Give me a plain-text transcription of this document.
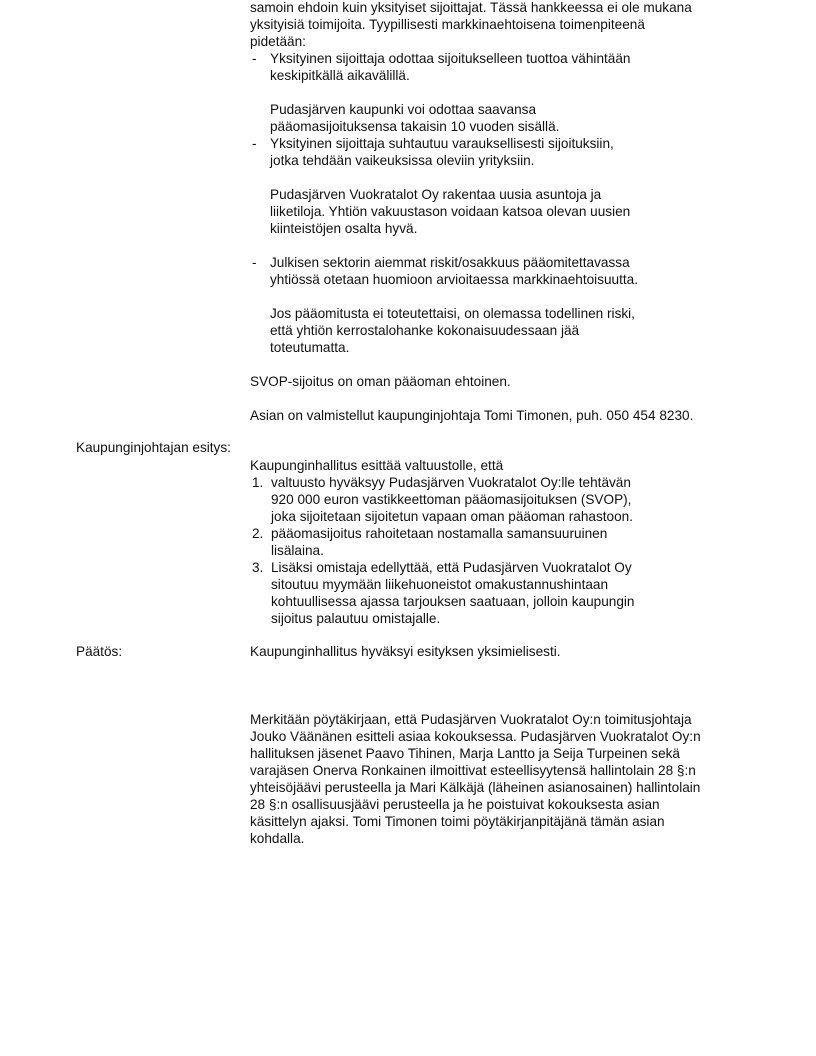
samoin ehdoin kuin yksityiset sijoittajat. Tässä hankkeessa ei ole mukana
yksityisiä toimijoita. Tyypillisesti markkinaehtoisena toimenpiteenä
pidetään:
- Yksityinen sijoittaja odottaa sijoitukselleen tuottoa vähintään
keskipitkällä aikavälillä.
Pudasjärven kaupunki voi odottaa saavansa
pääomasijoituksensa takaisin 10 vuoden sisällä.
- Yksityinen sijoittaja suhtautuu varauksellisesti sijoituksiin,
jotka tehdään vaikeuksissa oleviin yrityksiin.
Pudasjärven Vuokratalot Oy rakentaa uusia asuntoja ja
liiketiloja. Yhtiön vakuustason voidaan katsoa olevan uusien
kiinteistöjen osalta hyvä.
- Julkisen sektorin aiemmat riskit/osakkuus pääomitettavassa
yhtiössä otetaan huomioon arvioitaessa markkinaehtoisuutta.
Jos pääomitusta ei toteutettaisi, on olemassa todellinen riski,
että yhtiön kerrostalohanke kokonaisuudessaan jää
toteutumatta.
SVOP-sijoitus on oman pääoman ehtoinen.
Asian on valmistellut kaupunginjohtaja Tomi Timonen, puh. 050 454 8230.
Kaupunginjohtajan esitys:
Kaupunginhallitus esittää valtuustolle, että
1. valtuusto hyväksyy Pudasjärven Vuokratalot Oy:lle tehtävän
920 000 euron vastikkeettoman pääomasijoituksen (SVOP),
joka sijoitetaan sijoitetun vapaan oman pääoman rahastoon.
2. pääomasijoitus rahoitetaan nostamalla samansuuruinen
lisälaina.
3. Lisäksi omistaja edellyttää, että Pudasjärven Vuokratalot Oy
sitoutuu myymään liikehuoneistot omakustannushintaan
kohtuullisessa ajassa tarjouksen saatuaan, jolloin kaupungin
sijoitus palautuu omistajalle.
Päätös:	Kaupunginhallitus hyväksyi esityksen yksimielisesti.
Merkitään pöytäkirjaan, että Pudasjärven Vuokratalot Oy:n toimitusjohtaja
Jouko Väänänen esitteli asiaa kokouksessa. Pudasjärven Vuokratalot Oy:n
hallituksen jäsenet Paavo Tihinen, Marja Lantto ja Seija Turpeinen sekä
varajäsen Onerva Ronkainen ilmoittivat esteellisyytensä hallintolain 28 §:n
yhteisöjäävi perusteella ja Mari Kälkäjä (läheinen asianosainen) hallintolain
28 §:n osallisuusjäävi perusteella ja he poistuivat kokouksesta asian
käsittelyn ajaksi. Tomi Timonen toimi pöytäkirjanpitäjänä tämän asian
kohdalla.
